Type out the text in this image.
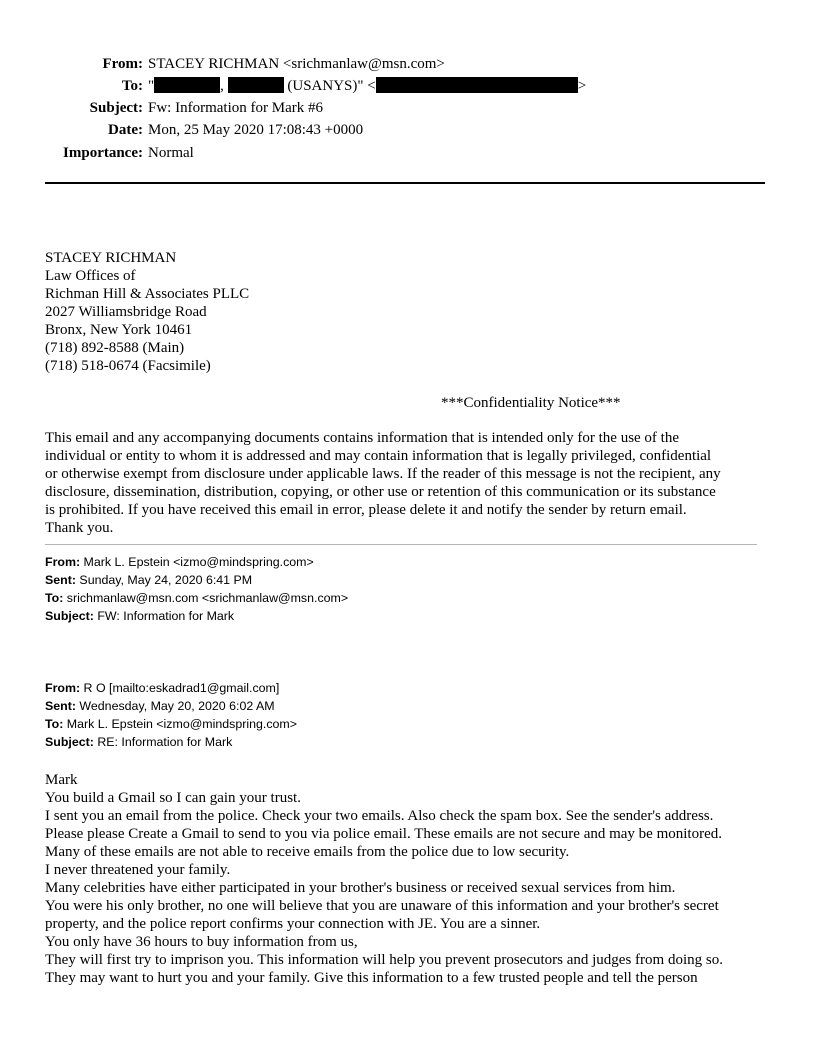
From: STACEY RICHMAN <srichmanlaw@msn.com>
To: "	,	(USANYS)" <	>
Subject: Fw: Information for Mark #6
Date: Mon, 25 May 2020 17:08:43 +0000
Importance: Normal
STACEY RICHMAN
Law Offices of
Richman Hill & Associates PLLC
2027 Williamsbridge Road
Bronx, New York 10461
(718) 892-8588 (Main)
(718) 518-0674 (Facsimile)
***Confidentiality Notice***
This email and any accompanying documents contains information that is intended only for the use of the
individual or entity to whom it is addressed and may contain information that is legally privileged, confidential
or otherwise exempt from disclosure under applicable laws. If the reader of this message is not the recipient, any
disclosure, dissemination, distribution, copying, or other use or retention of this communication or its substance
is prohibited. If you have received this email in error, please delete it and notify the sender by return email.
Thank you.
From: Mark L. Epstein <izmo@mindspring.com>
Sent: Sunday, May 24, 2020 6:41 PM
To: srichmanlaw@msn.com <srichmanlaw@msn.com>
Subject: FW: Information for Mark
From: R O [mailto:eskadrad1@gmail.com]
Sent: Wednesday, May 20, 2020 6:02 AM
To: Mark L. Epstein <izmo@mindspring.com>
Subject: RE: Information for Mark
Mark
You build a Gmail so I can gain your trust.
I sent you an email from the police. Check your two emails. Also check the spam box. See the sender's address.
Please please Create a Gmail to send to you via police email. These emails are not secure and may be monitored.
Many of these emails are not able to receive emails from the police due to low security.
I never threatened your family.
Many celebrities have either participated in your brother's business or received sexual services from him.
You were his only brother, no one will believe that you are unaware of this information and your brother's secret
property, and the police report confirms your connection with JE. You are a sinner.
You only have 36 hours to buy information from us,
They will first try to imprison you. This information will help you prevent prosecutors and judges from doing so.
They may want to hurt you and your family. Give this information to a few trusted people and tell the person
